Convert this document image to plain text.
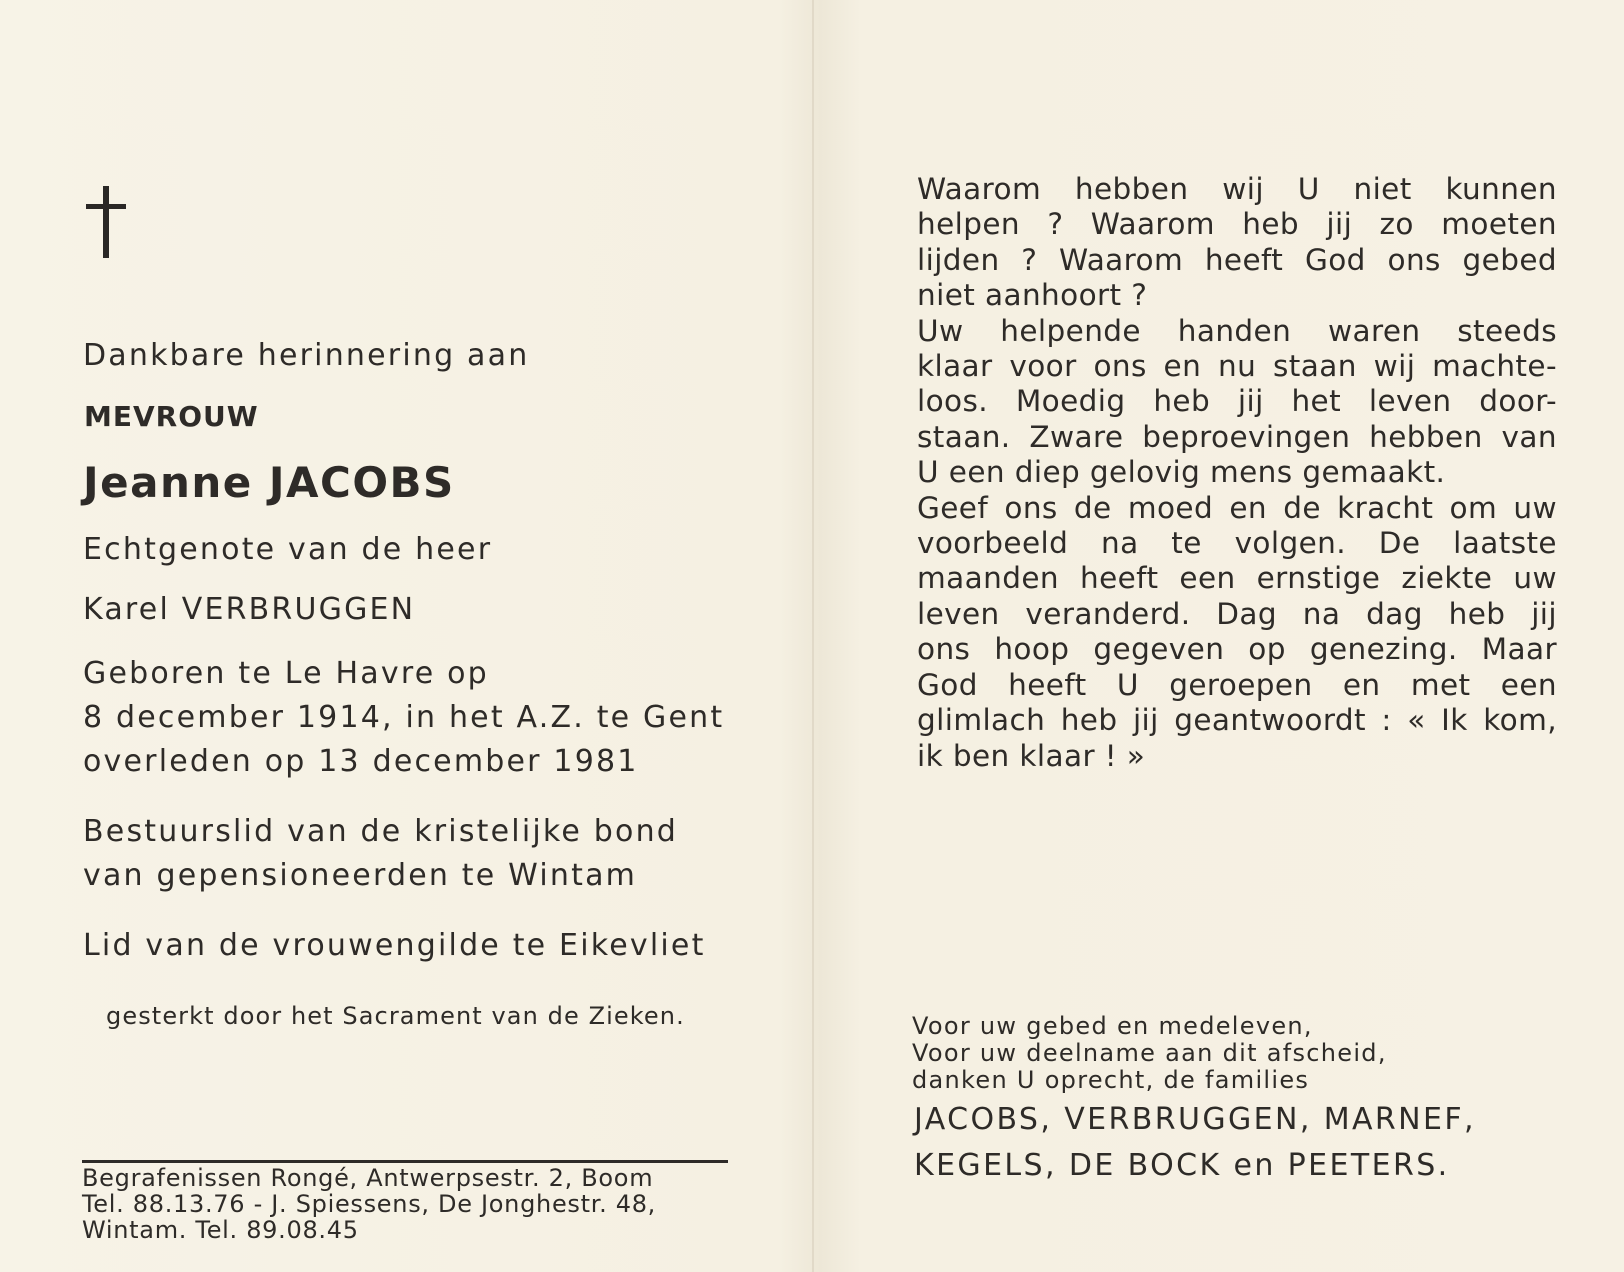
Dankbare herinnering aan
MEVROUW
Jeanne JACOBS
Echtgenote van de heer
Karel VERBRUGGEN
Geboren te Le Havre op
8 december 1914, in het A.Z. te Gent
overleden op 13 december 1981
Bestuurslid van de kristelijke bond
van gepensioneerden te Wintam
Lid van de vrouwengilde te Eikevliet
gesterkt door het Sacrament van de Zieken.
Begrafenissen Rongé, Antwerpsestr. 2, Boom
Tel. 88.13.76 - J. Spiessens, De Jonghestr. 48,
Wintam. Tel. 89.08.45
Waarom hebben wij U niet kunnen
helpen ? Waarom heb jij zo moeten
lijden ? Waarom heeft God ons gebed
niet aanhoort ?
Uw helpende handen waren steeds
klaar voor ons en nu staan wij machte-
loos. Moedig heb jij het leven door-
staan. Zware beproevingen hebben van
U een diep gelovig mens gemaakt.
Geef ons de moed en de kracht om uw
voorbeeld na te volgen. De laatste
maanden heeft een ernstige ziekte uw
leven veranderd. Dag na dag heb jij
ons hoop gegeven op genezing. Maar
God heeft U geroepen en met een
glimlach heb jij geantwoordt : « Ik kom,
ik ben klaar ! »
Voor uw gebed en medeleven,
Voor uw deelname aan dit afscheid,
danken U oprecht, de families
JACOBS, VERBRUGGEN, MARNEF,
KEGELS, DE BOCK en PEETERS.
